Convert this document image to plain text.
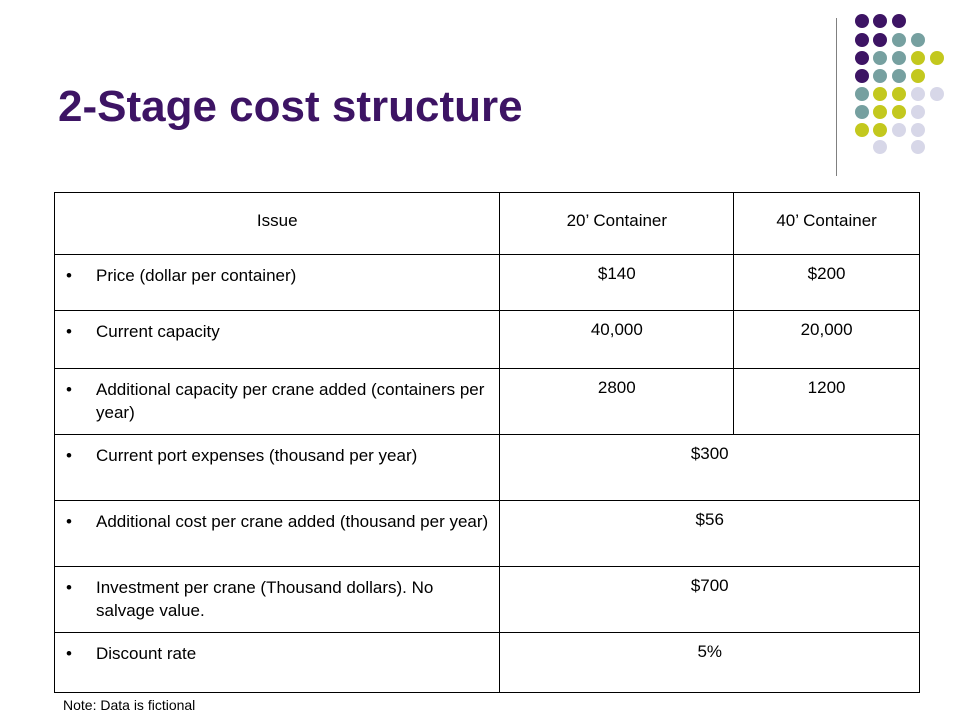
2-Stage cost structure
Issue	20’ Container	40’ Container

• Price (dollar per container)	$140	$200

• Current capacity	40,000	20,000

• Additional capacity per crane added (containers per year)	2800	1200

• Current port expenses (thousand per year)	$300	

• Additional cost per crane added (thousand per year)	$56	

• Investment per crane (Thousand dollars). No salvage value.	$700	

• Discount rate	5%	
Note: Data is fictional
